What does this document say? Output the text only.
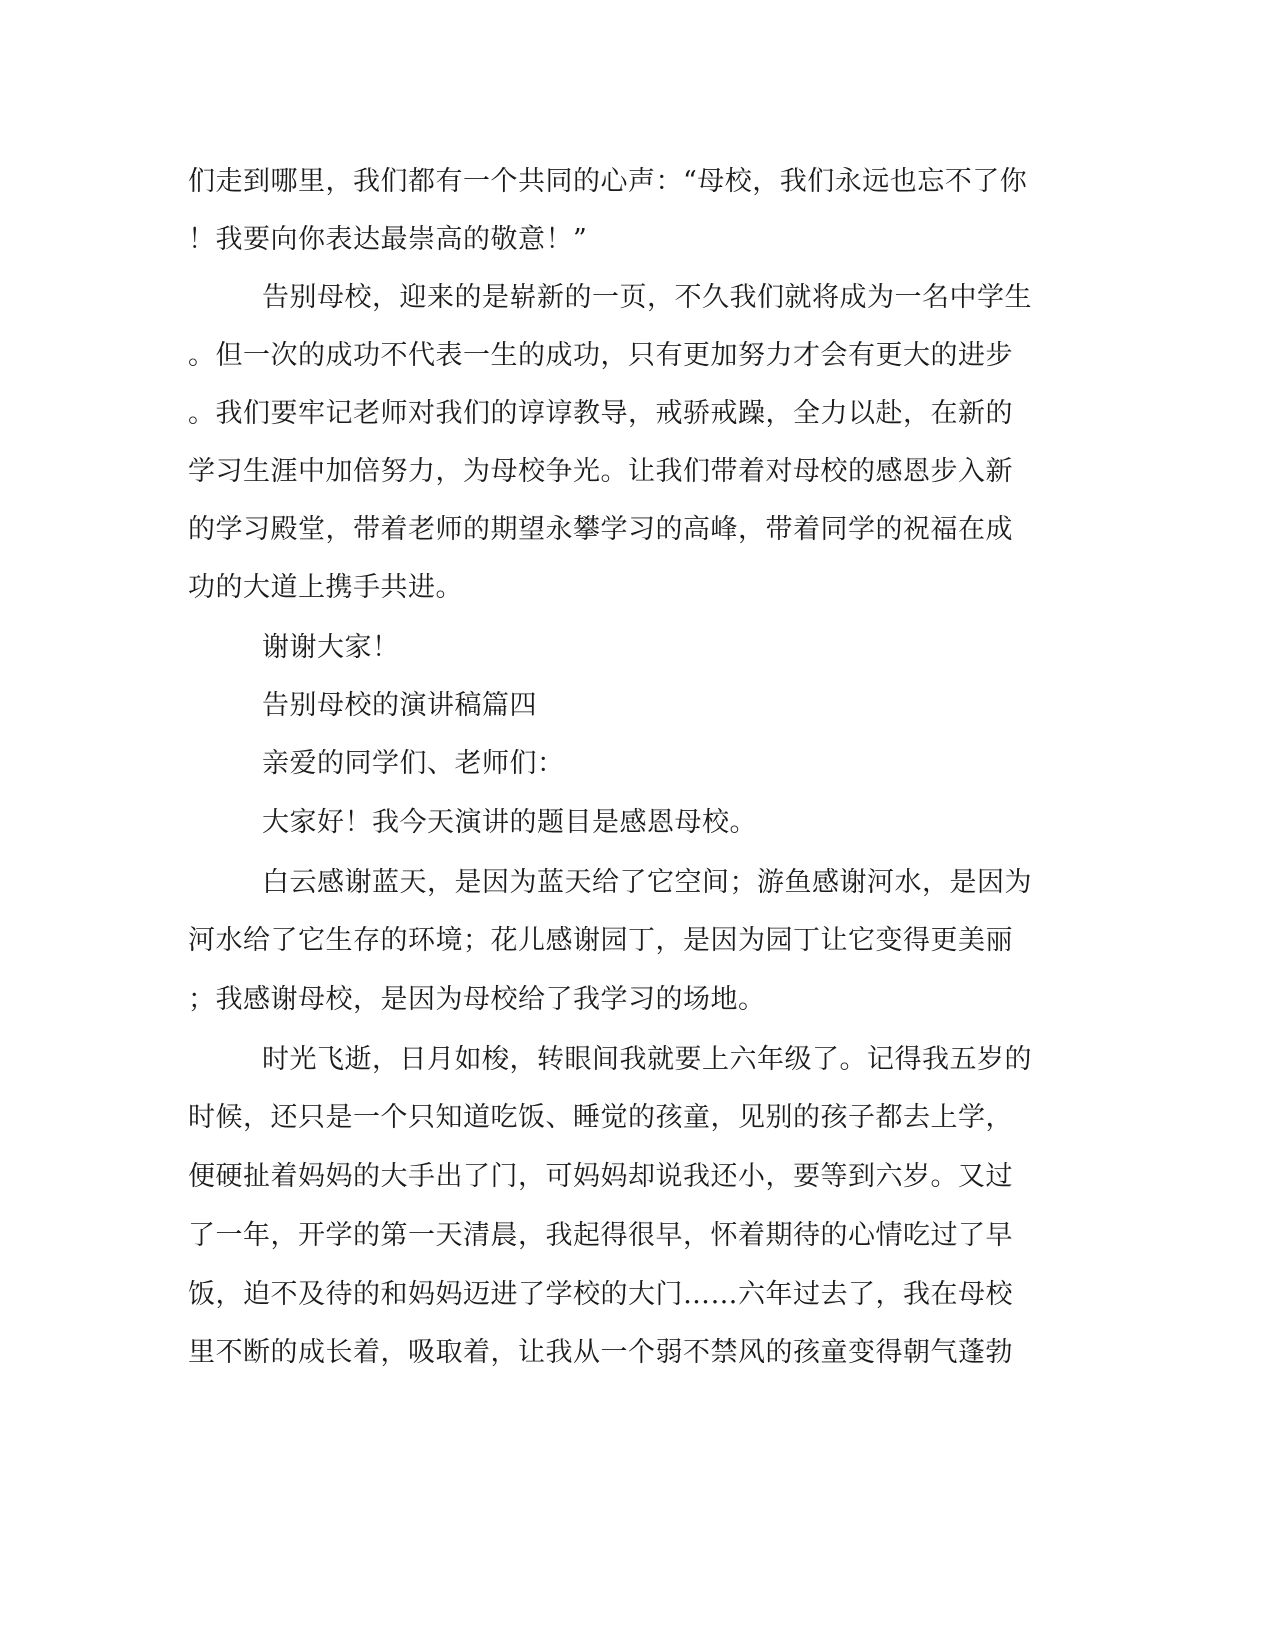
们走到哪里，我们都有一个共同的心声：“母校，我们永远也忘不了你
！我要向你表达最崇高的敬意！”
告别母校，迎来的是崭新的一页，不久我们就将成为一名中学生
。但一次的成功不代表一生的成功，只有更加努力才会有更大的进步
。我们要牢记老师对我们的谆谆教导，戒骄戒躁，全力以赴，在新的
学习生涯中加倍努力，为母校争光。让我们带着对母校的感恩步入新
的学习殿堂，带着老师的期望永攀学习的高峰，带着同学的祝福在成
功的大道上携手共进。
谢谢大家！
告别母校的演讲稿篇四
亲爱的同学们、老师们：
大家好！我今天演讲的题目是感恩母校。
白云感谢蓝天，是因为蓝天给了它空间；游鱼感谢河水，是因为
河水给了它生存的环境；花儿感谢园丁，是因为园丁让它变得更美丽
；我感谢母校，是因为母校给了我学习的场地。
时光飞逝，日月如梭，转眼间我就要上六年级了。记得我五岁的
时候，还只是一个只知道吃饭、睡觉的孩童，见别的孩子都去上学，
便硬扯着妈妈的大手出了门，可妈妈却说我还小，要等到六岁。又过
了一年，开学的第一天清晨，我起得很早，怀着期待的心情吃过了早
饭，迫不及待的和妈妈迈进了学校的大门……六年过去了，我在母校
里不断的成长着，吸取着，让我从一个弱不禁风的孩童变得朝气蓬勃
